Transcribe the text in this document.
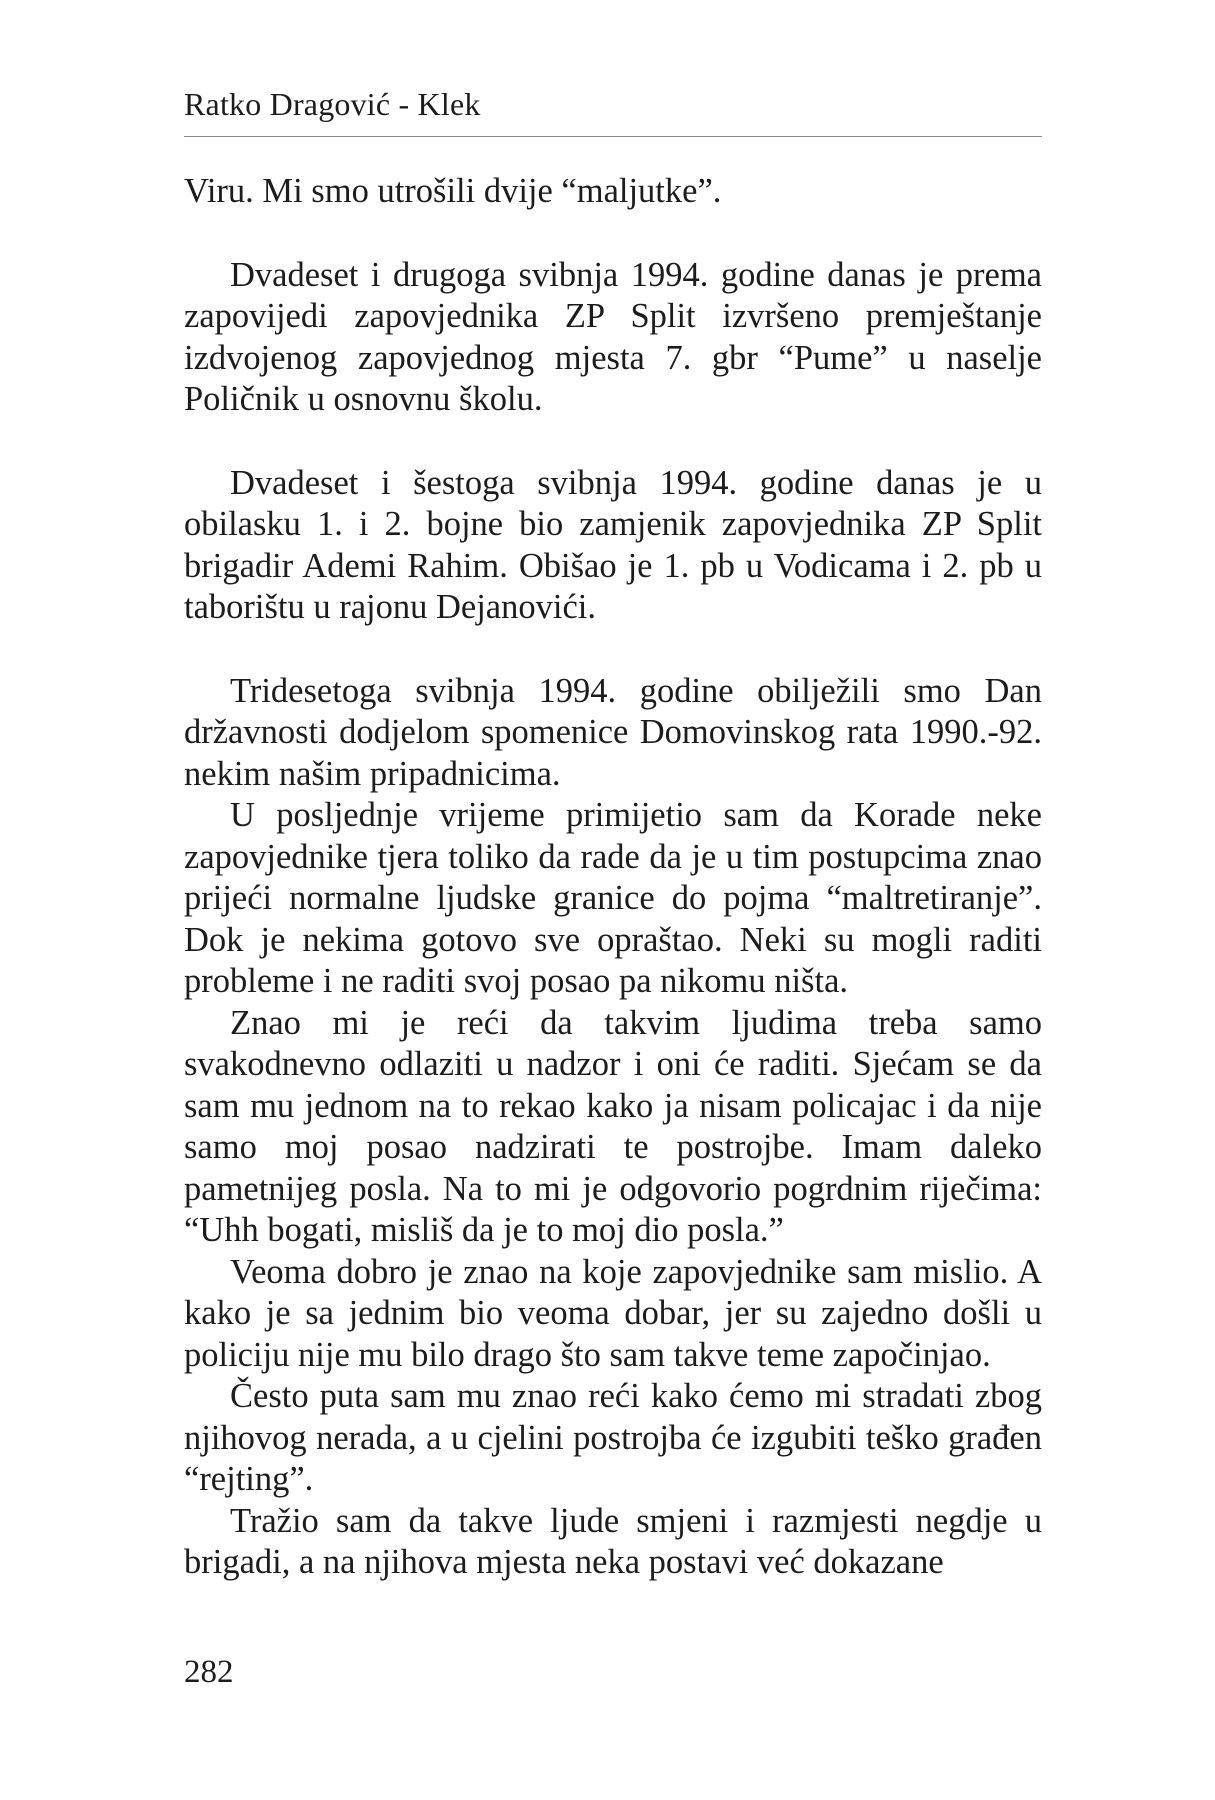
Ratko Dragović - Klek

Viru. Mi smo utrošili dvije “maljutke”.

Dvadeset i drugoga svibnja 1994. godine danas je prema zapovijedi zapovjednika ZP Split izvršeno premještanje izdvojenog zapovjednog mjesta 7. gbr “Pume” u naselje Poličnik u osnovnu školu.

Dvadeset i šestoga svibnja 1994. godine danas je u obilasku 1. i 2. bojne bio zamjenik zapovjednika ZP Split brigadir Ademi Rahim. Obišao je 1. pb u Vodicama i 2. pb u taborištu u rajonu Dejanovići.

Tridesetoga svibnja 1994. godine obilježili smo Dan državnosti dodjelom spomenice Domovinskog rata 1990.-92. nekim našim pripadnicima.

U posljednje vrijeme primijetio sam da Korade neke zapovjednike tjera toliko da rade da je u tim postupcima znao prijeći normalne ljudske granice do pojma “maltretiranje”. Dok je nekima gotovo sve opraštao. Neki su mogli raditi probleme i ne raditi svoj posao pa nikomu ništa.

Znao mi je reći da takvim ljudima treba samo svakodnevno odlaziti u nadzor i oni će raditi. Sjećam se da sam mu jednom na to rekao kako ja nisam policajac i da nije samo moj posao nadzirati te postrojbe. Imam daleko pametnijeg posla. Na to mi je odgovorio pogrdnim riječima: “Uhh bogati, misliš da je to moj dio posla.”

Veoma dobro je znao na koje zapovjednike sam mislio. A kako je sa jednim bio veoma dobar, jer su zajedno došli u policiju nije mu bilo drago što sam takve teme započinjao.

Često puta sam mu znao reći kako ćemo mi stradati zbog njihovog nerada, a u cjelini postrojba će izgubiti teško građen “rejting”.

Tražio sam da takve ljude smjeni i razmjesti negdje u brigadi, a na njihova mjesta neka postavi već dokazane

282
